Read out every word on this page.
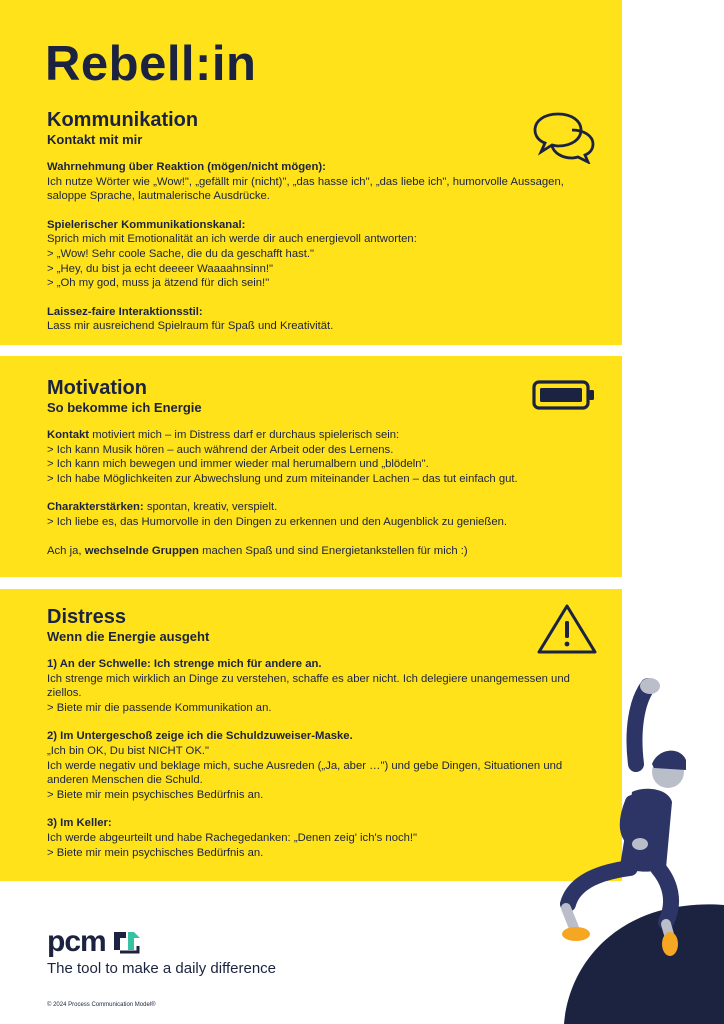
Rebell:in
Kommunikation
Kontakt mit mir

Wahrnehmung über Reaktion (mögen/nicht mögen):
Ich nutze Wörter wie „Wow!", „gefällt mir (nicht)", „das hasse ich", „das liebe ich", humorvolle Aussagen, saloppe Sprache, lautmalerische Ausdrücke.

Spielerischer Kommunikationskanal:
Sprich mich mit Emotionalität an ich werde dir auch energievoll antworten:
> „Wow! Sehr coole Sache, die du da geschafft hast."
> „Hey, du bist ja echt deeeer Waaaahnsinn!"
> „Oh my god, muss ja ätzend für dich sein!"

Laissez-faire Interaktionsstil:
Lass mir ausreichend Spielraum für Spaß und Kreativität.

Motivation
So bekomme ich Energie

Kontakt motiviert mich – im Distress darf er durchaus spielerisch sein:
> Ich kann Musik hören – auch während der Arbeit oder des Lernens.
> Ich kann mich bewegen und immer wieder mal herumalbern und „blödeln".
> Ich habe Möglichkeiten zur Abwechslung und zum miteinander Lachen – das tut einfach gut.

Charakterstärken: spontan, kreativ, verspielt.
> Ich liebe es, das Humorvolle in den Dingen zu erkennen und den Augenblick zu genießen.

Ach ja, wechselnde Gruppen machen Spaß und sind Energietankstellen für mich :)

Distress
Wenn die Energie ausgeht

1) An der Schwelle: Ich strenge mich für andere an.
Ich strenge mich wirklich an Dinge zu verstehen, schaffe es aber nicht. Ich delegiere unangemessen und ziellos.
> Biete mir die passende Kommunikation an.

2) Im Untergeschoß zeige ich die Schuldzuweiser-Maske.
„Ich bin OK, Du bist NICHT OK."
Ich werde negativ und beklage mich, suche Ausreden („Ja, aber …") und gebe Dingen, Situationen und anderen Menschen die Schuld.
> Biete mir mein psychisches Bedürfnis an.

3) Im Keller:
Ich werde abgeurteilt und habe Rachegedanken: „Denen zeig' ich's noch!"
> Biete mir mein psychisches Bedürfnis an.

pcm

The tool to make a daily difference

© 2024 Process Communication Model®
